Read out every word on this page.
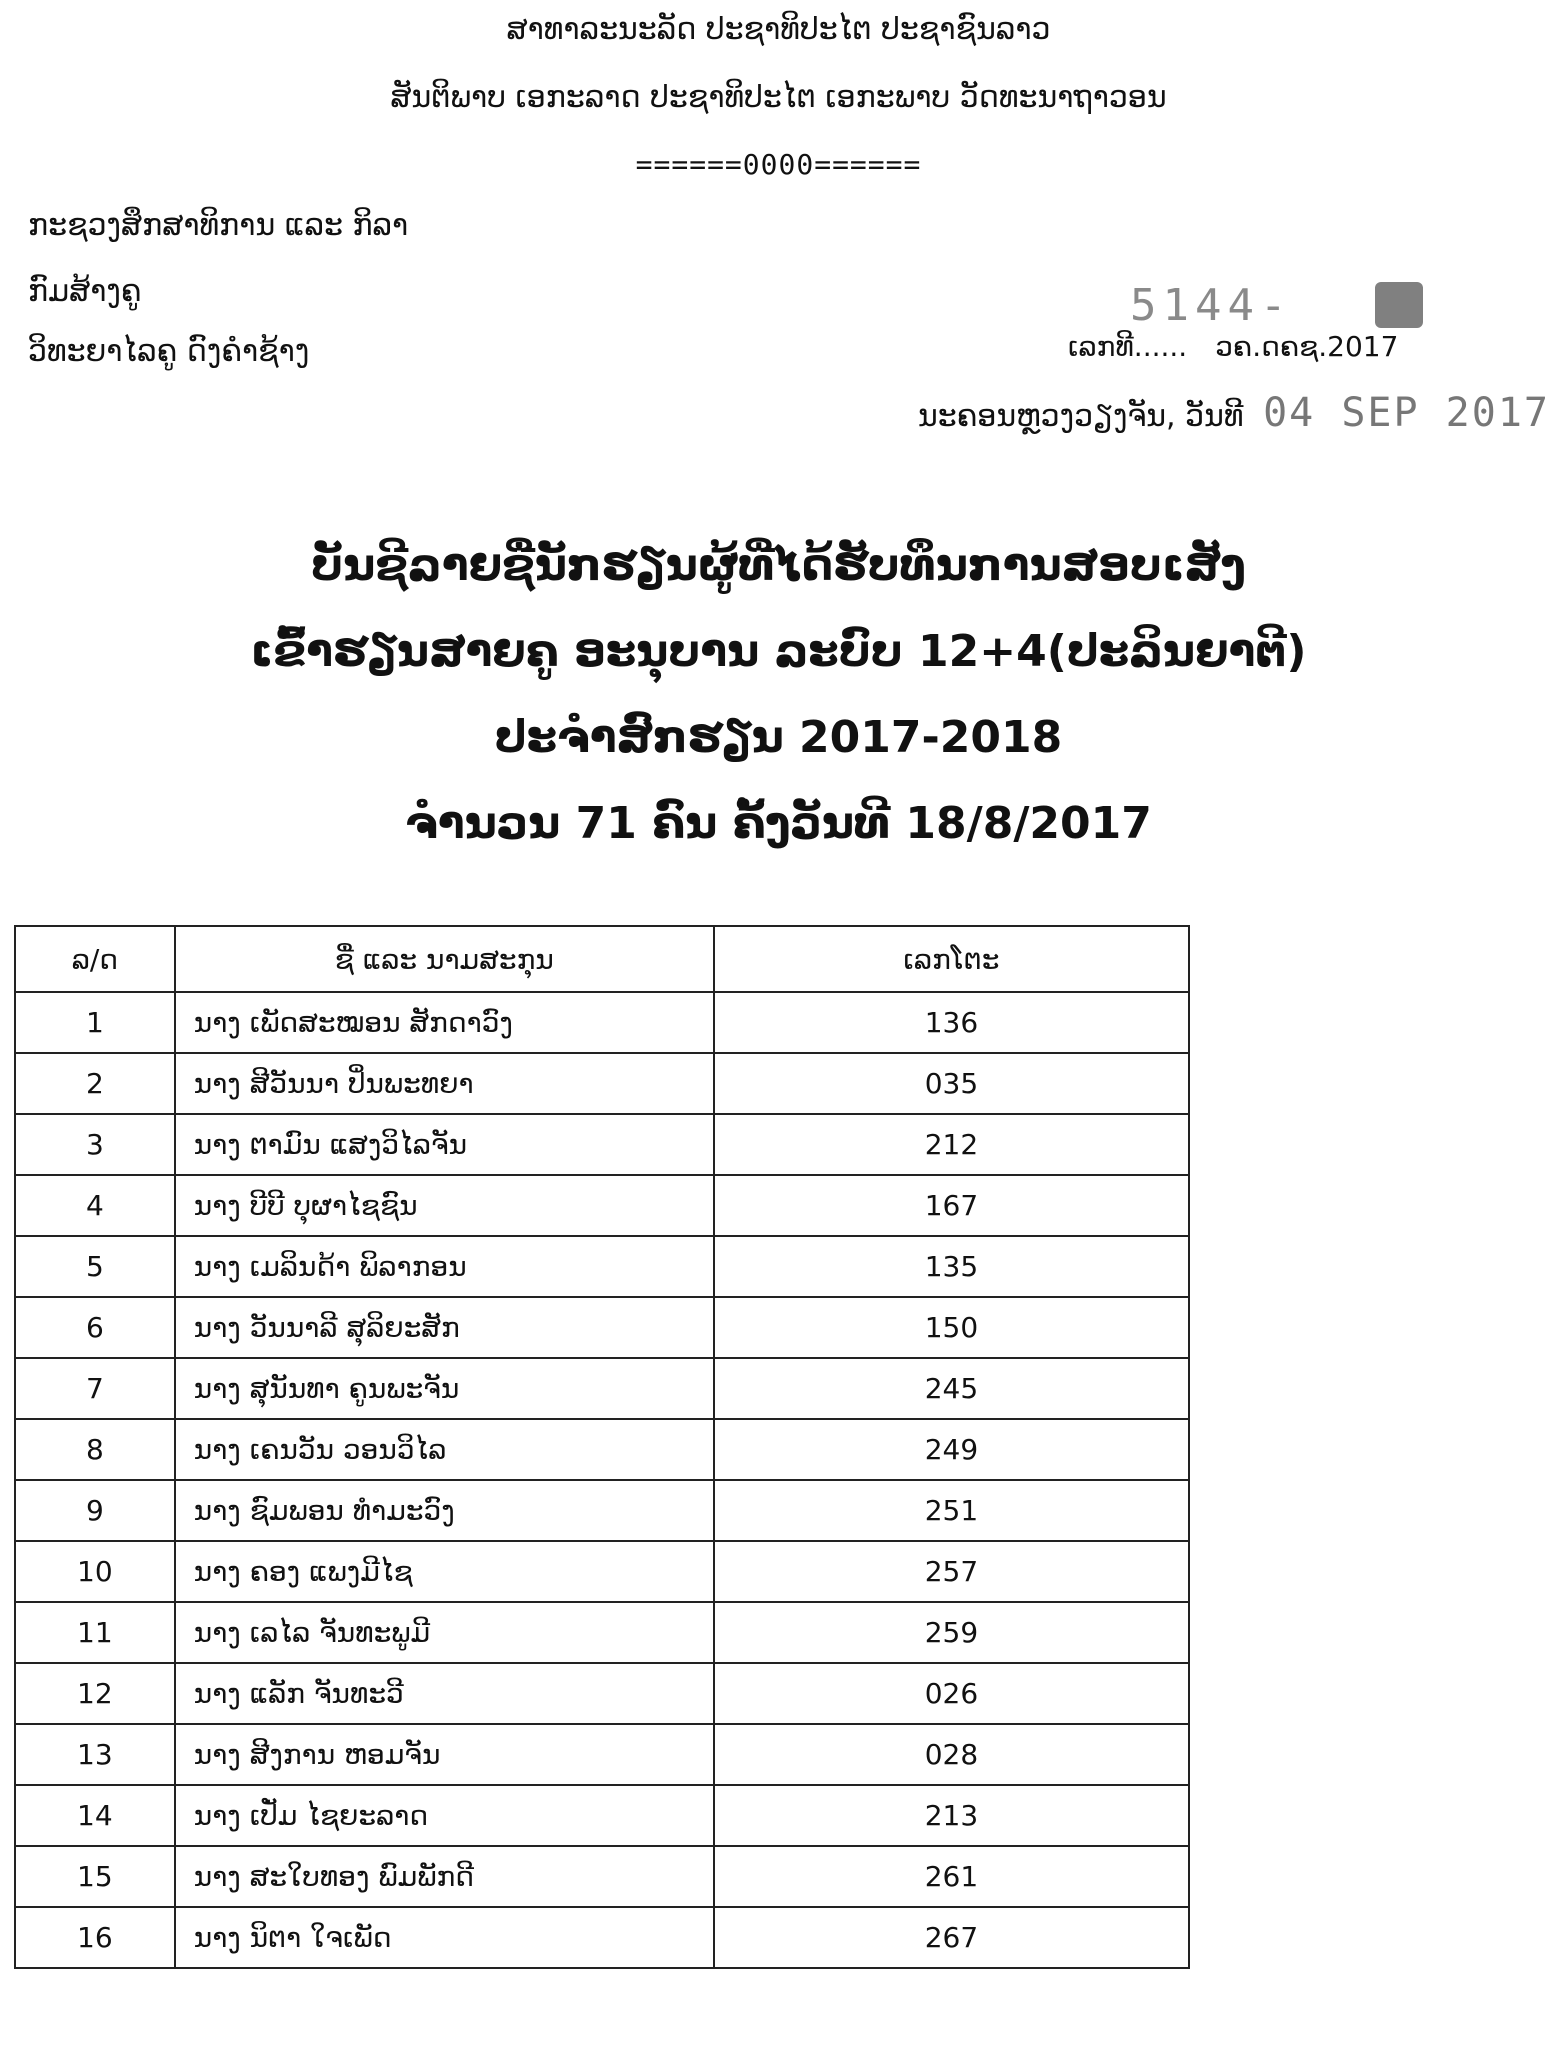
ສາທາລະນະລັດ ປະຊາທິປະໄຕ ປະຊາຊົນລາວ
ສັນຕິພາບ ເອກະລາດ ປະຊາທິປະໄຕ ເອກະພາບ ວັດທະນາຖາວອນ
======0000======
ກະຊວງສຶກສາທິການ ແລະ ກິລາ
ກົມສ້າງຄູ
ວິທະຍາໄລຄູ ດົງຄຳຊ້າງ
5144-
ເລກທີ...... ວຄ.ດຄຊ.2017
ນະຄອນຫຼວງວຽງຈັນ, ວັນທີ 04 SEP 2017
ບັນຊີລາຍຊື່ນັກຮຽນຜູ້ທີ່ໄດ້ຮັບທຶນການສອບເສັງ
ເຂົ້າຮຽນສາຍຄູ ອະນຸບານ ລະບົບ 12+4(ປະລິນຍາຕີ)
ປະຈຳສົກຮຽນ 2017-2018
ຈຳນວນ 71 ຄົນ ຄັ້ງວັນທີ 18/8/2017
ລ/ດ	ຊື່ ແລະ ນາມສະກຸນ	ເລກໂຕະ
1	ນາງ ເພັດສະໝອນ ສັກດາວົງ	136
2	ນາງ ສີວັນນາ ປິ່ນພະທຍາ	035
3	ນາງ ຕາມົນ ແສງວິໄລຈັນ	212
4	ນາງ ບີບີ ບຸຜາໄຊຊົນ	167
5	ນາງ ເມລິນດ້າ ພິລາກອນ	135
6	ນາງ ວັນນາລີ ສຸລິຍະສັກ	150
7	ນາງ ສຸນັນທາ ຄູນພະຈັນ	245
8	ນາງ ເຄນວັນ ວອນວິໄລ	249
9	ນາງ ຊົມພອນ ທຳມະວົງ	251
10	ນາງ ຄອງ ແພງມີໄຊ	257
11	ນາງ ເລໄລ ຈັນທະພູມີ	259
12	ນາງ ແລັກ ຈັນທະວີ	026
13	ນາງ ສີງການ ຫອມຈັນ	028
14	ນາງ ເປັ່ມ ໄຊຍະລາດ	213
15	ນາງ ສະໃບທອງ ພົມພັກດີ	261
16	ນາງ ນິຕາ ໃຈເພັດ	267
